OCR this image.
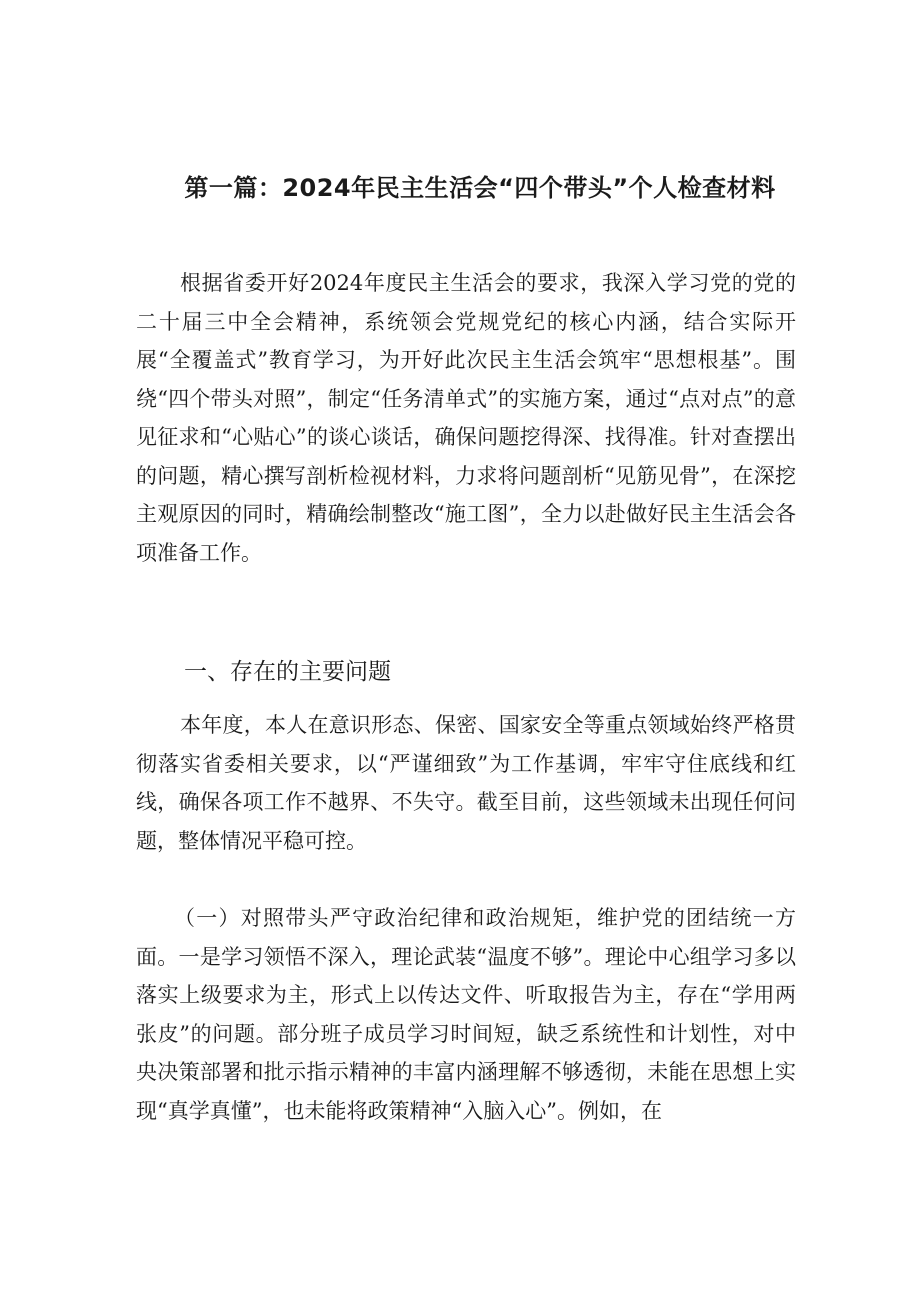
第一篇：2024年民主生活会“四个带头”个人检查材料

根据省委开好2024年度民主生活会的要求，我深入学习党的党的二十届三中全会精神，系统领会党规党纪的核心内涵，结合实际开展“全覆盖式”教育学习，为开好此次民主生活会筑牢“思想根基”。围绕“四个带头对照”，制定“任务清单式”的实施方案，通过“点对点”的意见征求和“心贴心”的谈心谈话，确保问题挖得深、找得准。针对查摆出的问题，精心撰写剖析检视材料，力求将问题剖析“见筋见骨”，在深挖主观原因的同时，精确绘制整改“施工图”，全力以赴做好民主生活会各项准备工作。

一、存在的主要问题

本年度，本人在意识形态、保密、国家安全等重点领域始终严格贯彻落实省委相关要求，以“严谨细致”为工作基调，牢牢守住底线和红线，确保各项工作不越界、不失守。截至目前，这些领域未出现任何问题，整体情况平稳可控。

（一）对照带头严守政治纪律和政治规矩，维护党的团结统一方面。一是学习领悟不深入，理论武装“温度不够”。理论中心组学习多以落实上级要求为主，形式上以传达文件、听取报告为主，存在“学用两张皮”的问题。部分班子成员学习时间短，缺乏系统性和计划性，对中央决策部署和批示指示精神的丰富内涵理解不够透彻，未能在思想上实现“真学真懂”，也未能将政策精神“入脑入心”。例如，在
